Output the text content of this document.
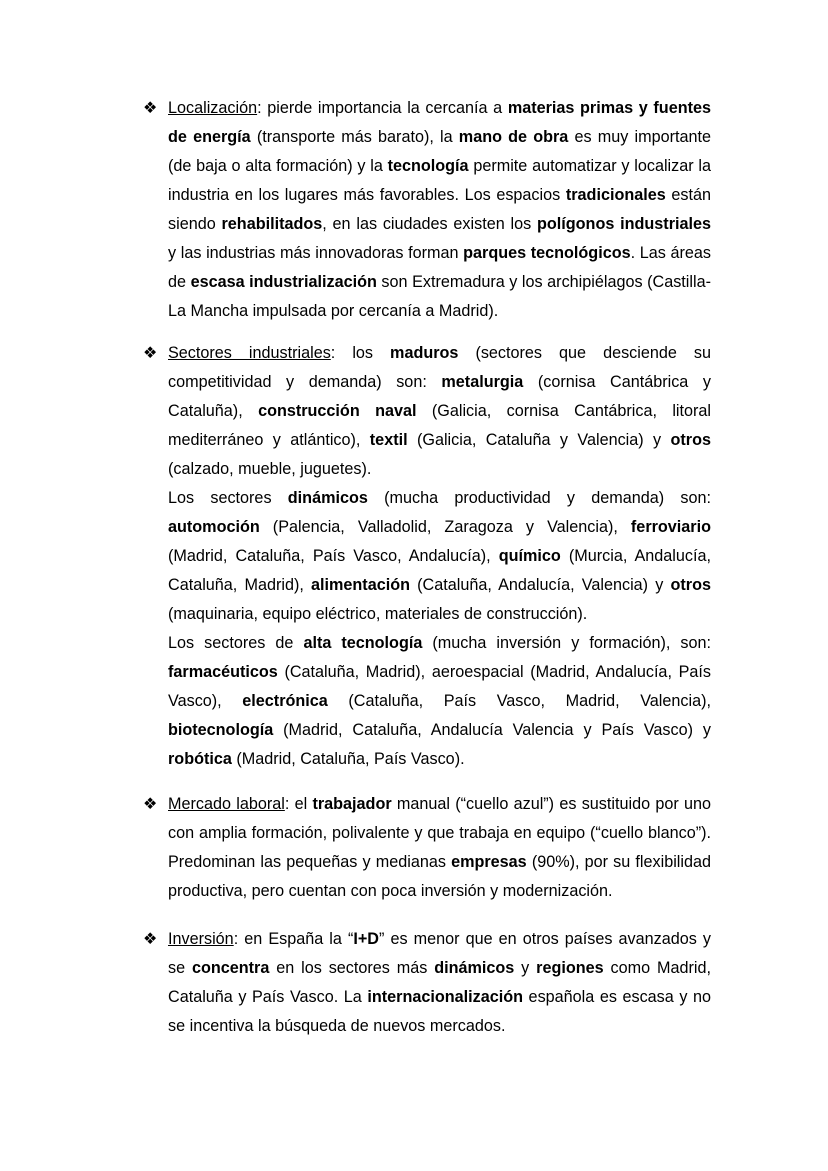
❖ Localización: pierde importancia la cercanía a materias primas y fuentes de energía (transporte más barato), la mano de obra es muy importante (de baja o alta formación) y la tecnología permite automatizar y localizar la industria en los lugares más favorables. Los espacios tradicionales están siendo rehabilitados, en las ciudades existen los polígonos industriales y las industrias más innovadoras forman parques tecnológicos. Las áreas de escasa industrialización son Extremadura y los archipiélagos (Castilla-La Mancha impulsada por cercanía a Madrid).

❖ Sectores industriales: los maduros (sectores que desciende su competitividad y demanda) son: metalurgia (cornisa Cantábrica y Cataluña), construcción naval (Galicia, cornisa Cantábrica, litoral mediterráneo y atlántico), textil (Galicia, Cataluña y Valencia) y otros (calzado, mueble, juguetes).

Los sectores dinámicos (mucha productividad y demanda) son: automoción (Palencia, Valladolid, Zaragoza y Valencia), ferroviario (Madrid, Cataluña, País Vasco, Andalucía), químico (Murcia, Andalucía, Cataluña, Madrid), alimentación (Cataluña, Andalucía, Valencia) y otros (maquinaria, equipo eléctrico, materiales de construcción).

Los sectores de alta tecnología (mucha inversión y formación), son: farmacéuticos (Cataluña, Madrid), aeroespacial (Madrid, Andalucía, País Vasco), electrónica (Cataluña, País Vasco, Madrid, Valencia), biotecnología (Madrid, Cataluña, Andalucía Valencia y País Vasco) y robótica (Madrid, Cataluña, País Vasco).

❖ Mercado laboral: el trabajador manual (“cuello azul”) es sustituido por uno con amplia formación, polivalente y que trabaja en equipo (“cuello blanco”). Predominan las pequeñas y medianas empresas (90%), por su flexibilidad productiva, pero cuentan con poca inversión y modernización.

❖ Inversión: en España la “I+D” es menor que en otros países avanzados y se concentra en los sectores más dinámicos y regiones como Madrid, Cataluña y País Vasco. La internacionalización española es escasa y no se incentiva la búsqueda de nuevos mercados.
